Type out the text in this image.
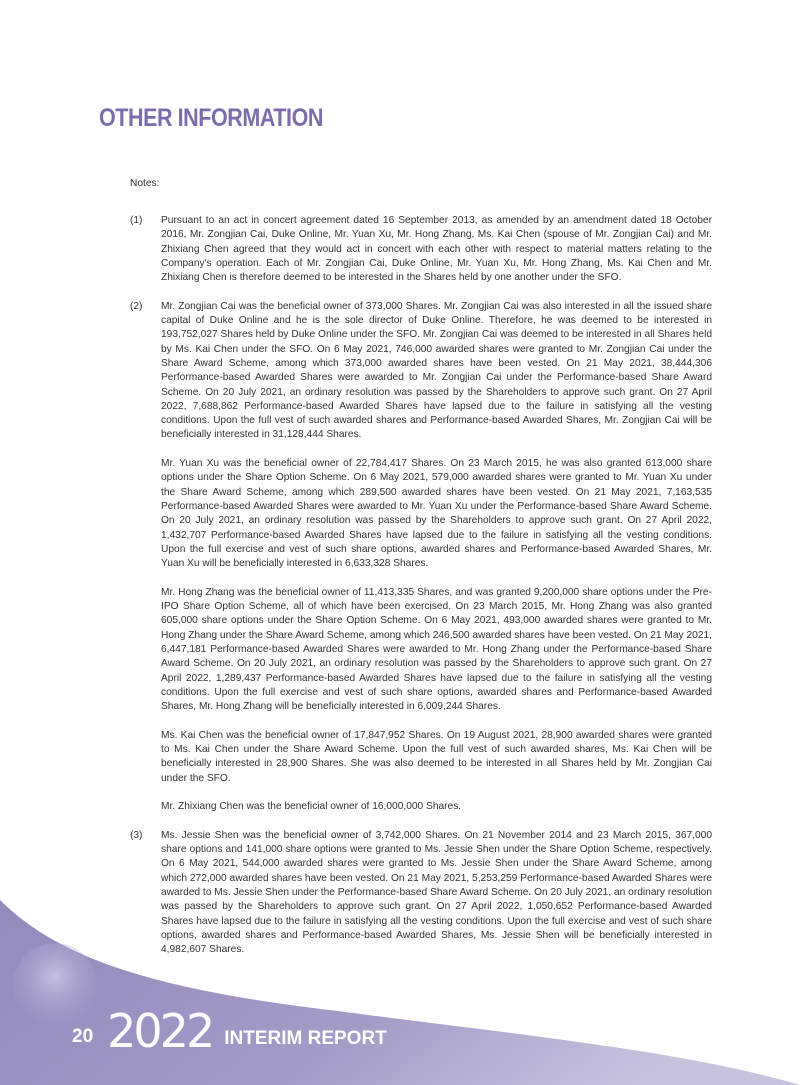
OTHER INFORMATION
Notes:
(1)	Pursuant to an act in concert agreement dated 16 September 2013, as amended by an amendment dated 18 October 2016, Mr. Zongjian Cai, Duke Online, Mr. Yuan Xu, Mr. Hong Zhang, Ms. Kai Chen (spouse of Mr. Zongjian Cai) and Mr. Zhixiang Chen agreed that they would act in concert with each other with respect to material matters relating to the Company's operation. Each of Mr. Zongjian Cai, Duke Online, Mr. Yuan Xu, Mr. Hong Zhang, Ms. Kai Chen and Mr. Zhixiang Chen is therefore deemed to be interested in the Shares held by one another under the SFO.

(2)	Mr. Zongjian Cai was the beneficial owner of 373,000 Shares. Mr. Zongjian Cai was also interested in all the issued share capital of Duke Online and he is the sole director of Duke Online. Therefore, he was deemed to be interested in 193,752,027 Shares held by Duke Online under the SFO. Mr. Zongjian Cai was deemed to be interested in all Shares held by Ms. Kai Chen under the SFO. On 6 May 2021, 746,000 awarded shares were granted to Mr. Zongjian Cai under the Share Award Scheme, among which 373,000 awarded shares have been vested. On 21 May 2021, 38,444,306 Performance-based Awarded Shares were awarded to Mr. Zongjian Cai under the Performance-based Share Award Scheme. On 20 July 2021, an ordinary resolution was passed by the Shareholders to approve such grant. On 27 April 2022, 7,688,862 Performance-based Awarded Shares have lapsed due to the failure in satisfying all the vesting conditions. Upon the full vest of such awarded shares and Performance-based Awarded Shares, Mr. Zongjian Cai will be beneficially interested in 31,128,444 Shares.

Mr. Yuan Xu was the beneficial owner of 22,784,417 Shares. On 23 March 2015, he was also granted 613,000 share options under the Share Option Scheme. On 6 May 2021, 579,000 awarded shares were granted to Mr. Yuan Xu under the Share Award Scheme, among which 289,500 awarded shares have been vested. On 21 May 2021, 7,163,535 Performance-based Awarded Shares were awarded to Mr. Yuan Xu under the Performance-based Share Award Scheme. On 20 July 2021, an ordinary resolution was passed by the Shareholders to approve such grant. On 27 April 2022, 1,432,707 Performance-based Awarded Shares have lapsed due to the failure in satisfying all the vesting conditions. Upon the full exercise and vest of such share options, awarded shares and Performance-based Awarded Shares, Mr. Yuan Xu will be beneficially interested in 6,633,328 Shares.

Mr. Hong Zhang was the beneficial owner of 11,413,335 Shares, and was granted 9,200,000 share options under the Pre-IPO Share Option Scheme, all of which have been exercised. On 23 March 2015, Mr. Hong Zhang was also granted 605,000 share options under the Share Option Scheme. On 6 May 2021, 493,000 awarded shares were granted to Mr. Hong Zhang under the Share Award Scheme, among which 246,500 awarded shares have been vested. On 21 May 2021, 6,447,181 Performance-based Awarded Shares were awarded to Mr. Hong Zhang under the Performance-based Share Award Scheme. On 20 July 2021, an ordinary resolution was passed by the Shareholders to approve such grant. On 27 April 2022, 1,289,437 Performance-based Awarded Shares have lapsed due to the failure in satisfying all the vesting conditions. Upon the full exercise and vest of such share options, awarded shares and Performance-based Awarded Shares, Mr. Hong Zhang will be beneficially interested in 6,009,244 Shares.

Ms. Kai Chen was the beneficial owner of 17,847,952 Shares. On 19 August 2021, 28,900 awarded shares were granted to Ms. Kai Chen under the Share Award Scheme. Upon the full vest of such awarded shares, Ms. Kai Chen will be beneficially interested in 28,900 Shares. She was also deemed to be interested in all Shares held by Mr. Zongjian Cai under the SFO.

Mr. Zhixiang Chen was the beneficial owner of 16,000,000 Shares.

(3)	Ms. Jessie Shen was the beneficial owner of 3,742,000 Shares. On 21 November 2014 and 23 March 2015, 367,000 share options and 141,000 share options were granted to Ms. Jessie Shen under the Share Option Scheme, respectively. On 6 May 2021, 544,000 awarded shares were granted to Ms. Jessie Shen under the Share Award Scheme, among which 272,000 awarded shares have been vested. On 21 May 2021, 5,253,259 Performance-based Awarded Shares were awarded to Ms. Jessie Shen under the Performance-based Share Award Scheme. On 20 July 2021, an ordinary resolution was passed by the Shareholders to approve such grant. On 27 April 2022, 1,050,652 Performance-based Awarded Shares have lapsed due to the failure in satisfying all the vesting conditions. Upon the full exercise and vest of such share options, awarded shares and Performance-based Awarded Shares, Ms. Jessie Shen will be beneficially interested in 4,982,607 Shares.

20 2022 INTERIM REPORT
